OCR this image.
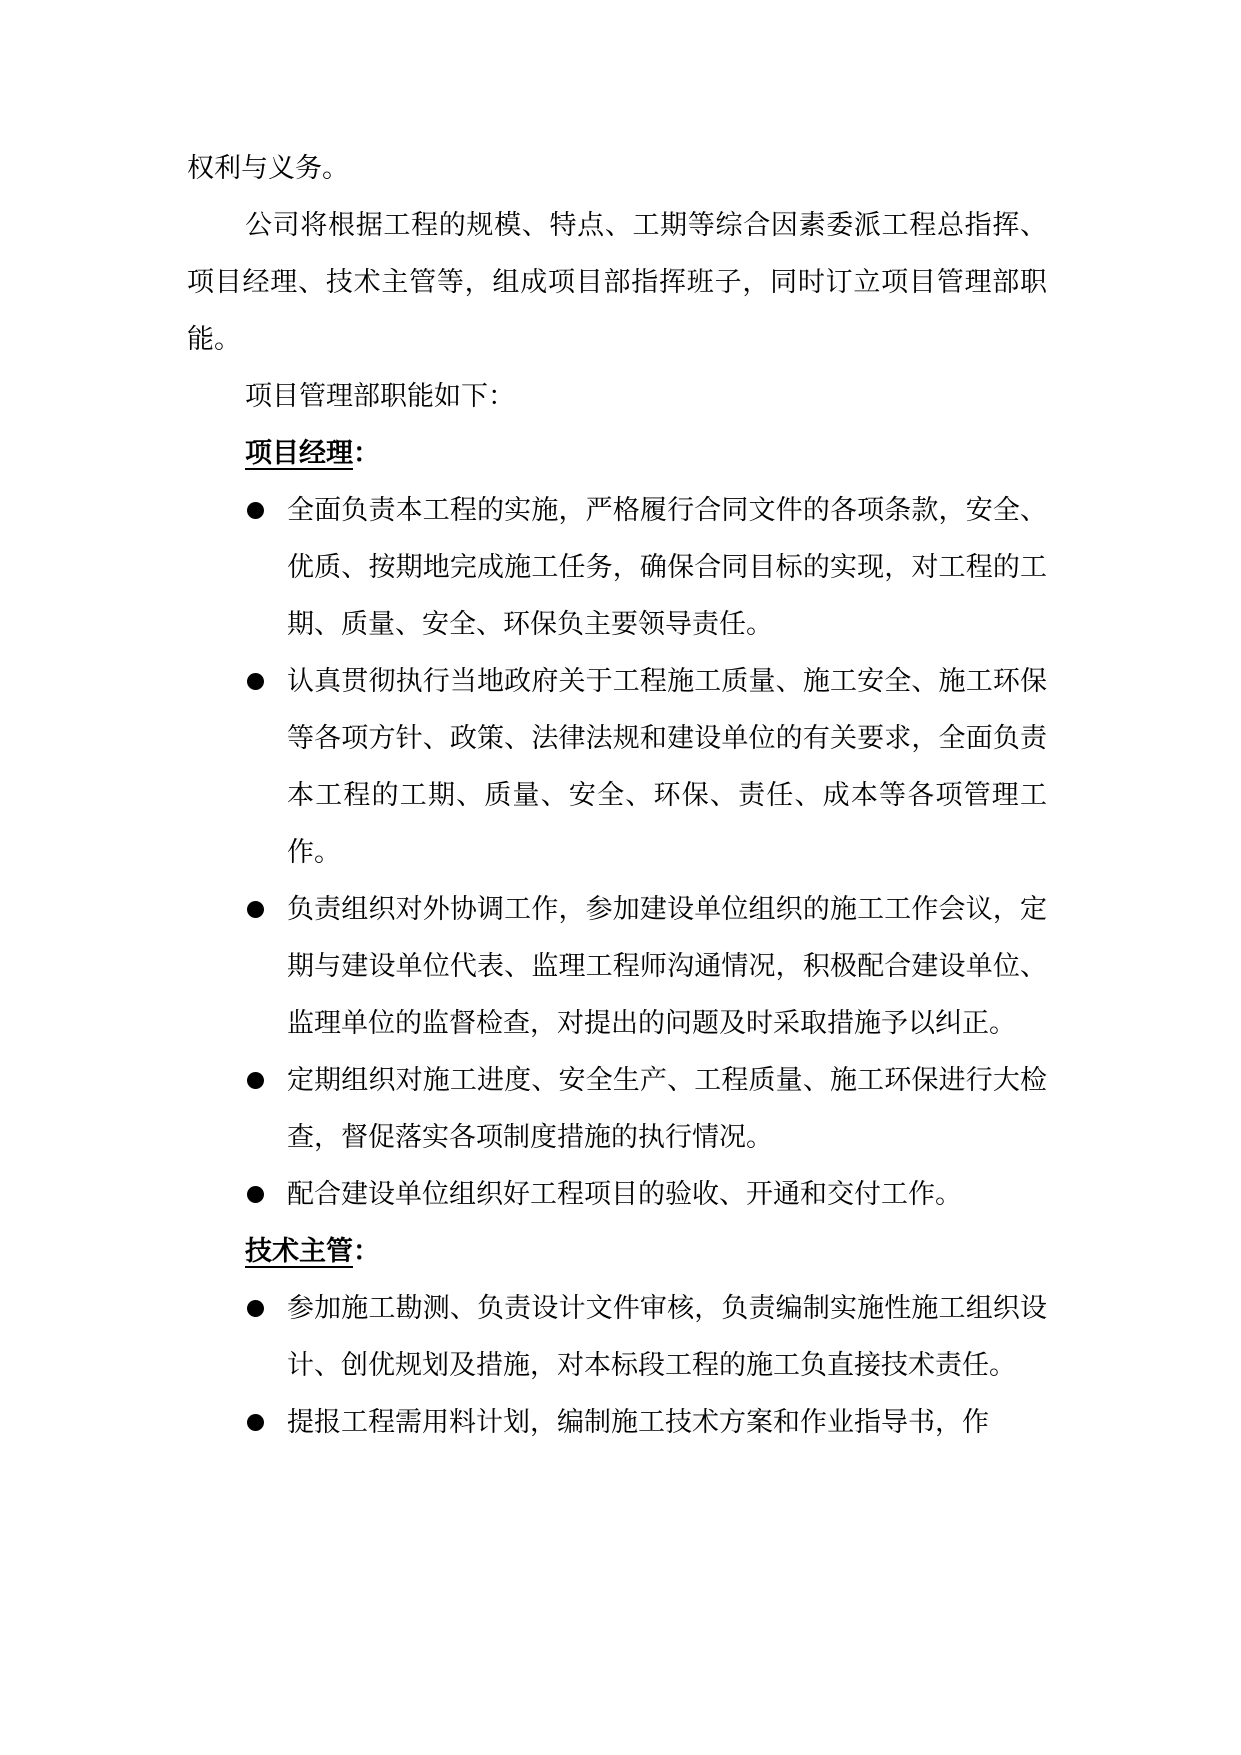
权利与义务。

公司将根据工程的规模、特点、工期等综合因素委派工程总指挥、项目经理、技术主管等，组成项目部指挥班子，同时订立项目管理部职能。

项目管理部职能如下：

项目经理：

全面负责本工程的实施，严格履行合同文件的各项条款，安全、优质、按期地完成施工任务，确保合同目标的实现，对工程的工期、质量、安全、环保负主要领导责任。
认真贯彻执行当地政府关于工程施工质量、施工安全、施工环保等各项方针、政策、法律法规和建设单位的有关要求，全面负责本工程的工期、质量、安全、环保、责任、成本等各项管理工作。
负责组织对外协调工作，参加建设单位组织的施工工作会议，定期与建设单位代表、监理工程师沟通情况，积极配合建设单位、监理单位的监督检查，对提出的问题及时采取措施予以纠正。
定期组织对施工进度、安全生产、工程质量、施工环保进行大检查，督促落实各项制度措施的执行情况。
配合建设单位组织好工程项目的验收、开通和交付工作。

技术主管：

参加施工勘测、负责设计文件审核，负责编制实施性施工组织设计、创优规划及措施，对本标段工程的施工负直接技术责任。
提报工程需用料计划，编制施工技术方案和作业指导书，作
